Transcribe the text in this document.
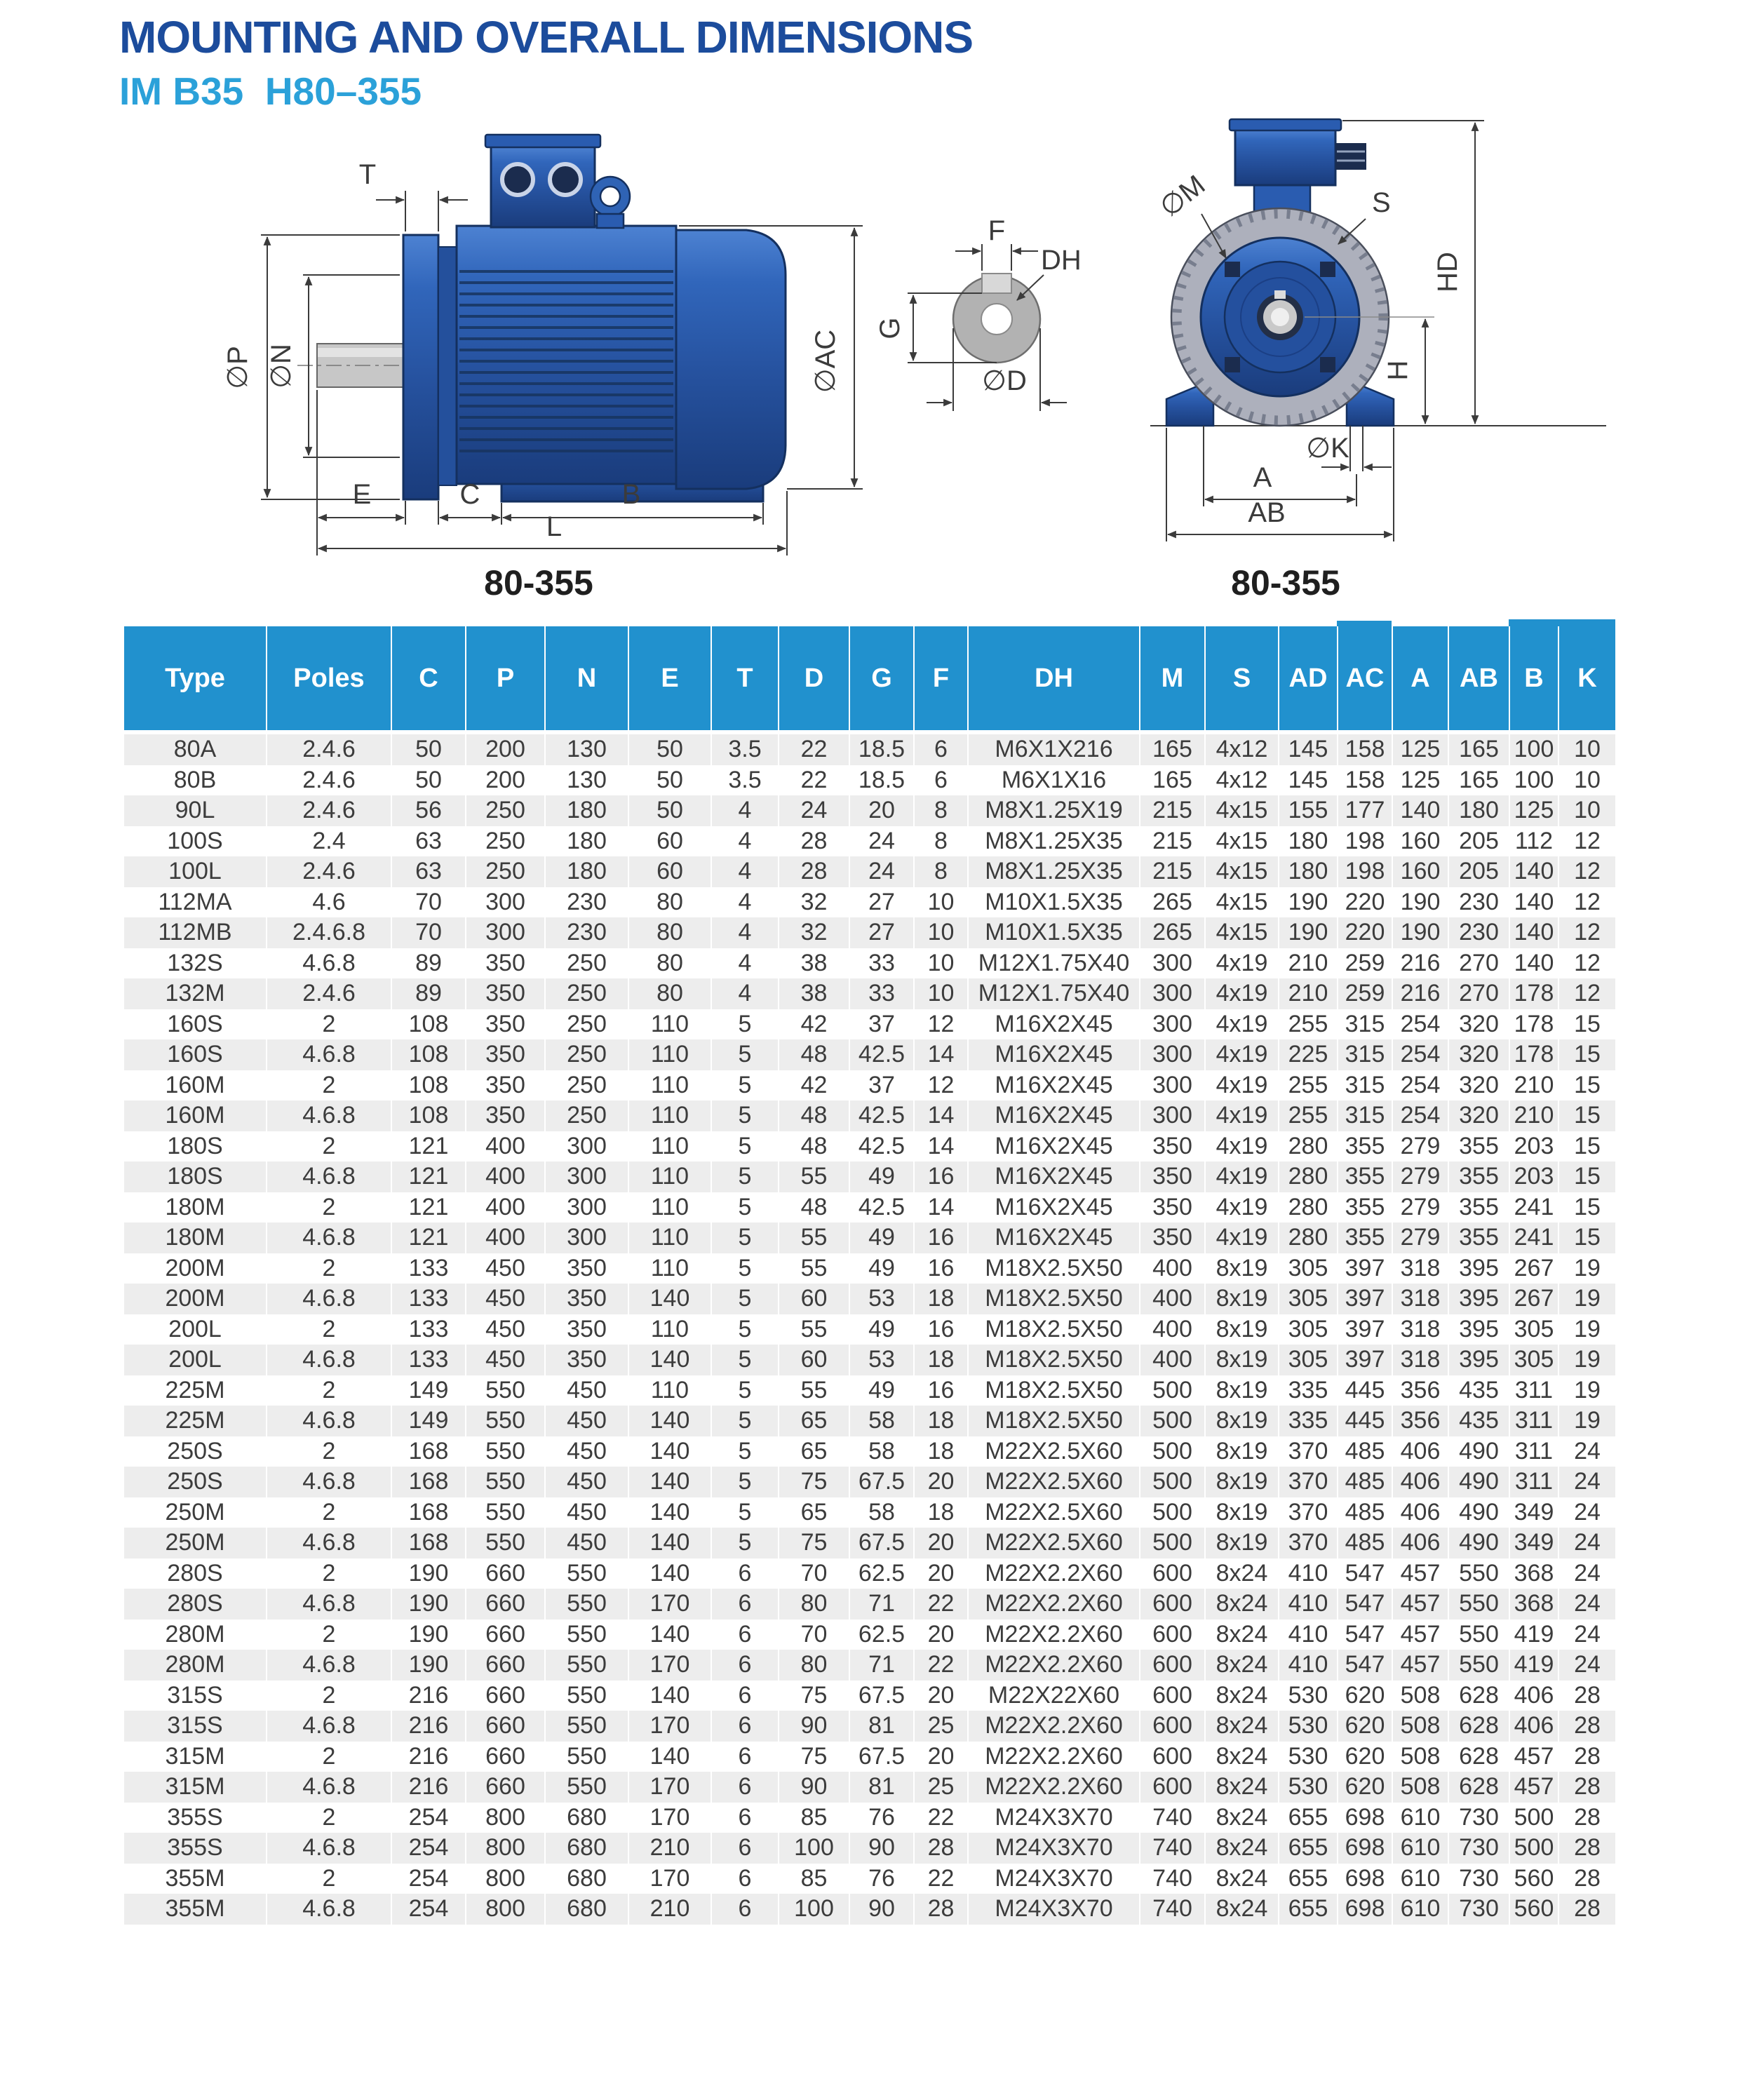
MOUNTING AND OVERALL DIMENSIONS
IM B35  H80–355
T
∅P ∅N	∅AC
E	C	B
L
80-355
F
DH
G
∅D
HD
H
∅K
A
AB
∅M	S
80-355
Type	Poles	C	P	N	E	T	D	G	F	DH	M	S	AD	AC	A	AB	B	K
80A	2.4.6	50	200	130	50	3.5	22	18.5	6	M6X1X216	165	4x12	145	158	125	165	100	10
80B	2.4.6	50	200	130	50	3.5	22	18.5	6	M6X1X16	165	4x12	145	158	125	165	100	10
90L	2.4.6	56	250	180	50	4	24	20	8	M8X1.25X19	215	4x15	155	177	140	180	125	10
100S	2.4	63	250	180	60	4	28	24	8	M8X1.25X35	215	4x15	180	198	160	205	112	12
100L	2.4.6	63	250	180	60	4	28	24	8	M8X1.25X35	215	4x15	180	198	160	205	140	12
112MA	4.6	70	300	230	80	4	32	27	10	M10X1.5X35	265	4x15	190	220	190	230	140	12
112MB	2.4.6.8	70	300	230	80	4	32	27	10	M10X1.5X35	265	4x15	190	220	190	230	140	12
132S	4.6.8	89	350	250	80	4	38	33	10	M12X1.75X40	300	4x19	210	259	216	270	140	12
132M	2.4.6	89	350	250	80	4	38	33	10	M12X1.75X40	300	4x19	210	259	216	270	178	12
160S	2	108	350	250	110	5	42	37	12	M16X2X45	300	4x19	255	315	254	320	178	15
160S	4.6.8	108	350	250	110	5	48	42.5	14	M16X2X45	300	4x19	225	315	254	320	178	15
160M	2	108	350	250	110	5	42	37	12	M16X2X45	300	4x19	255	315	254	320	210	15
160M	4.6.8	108	350	250	110	5	48	42.5	14	M16X2X45	300	4x19	255	315	254	320	210	15
180S	2	121	400	300	110	5	48	42.5	14	M16X2X45	350	4x19	280	355	279	355	203	15
180S	4.6.8	121	400	300	110	5	55	49	16	M16X2X45	350	4x19	280	355	279	355	203	15
180M	2	121	400	300	110	5	48	42.5	14	M16X2X45	350	4x19	280	355	279	355	241	15
180M	4.6.8	121	400	300	110	5	55	49	16	M16X2X45	350	4x19	280	355	279	355	241	15
200M	2	133	450	350	110	5	55	49	16	M18X2.5X50	400	8x19	305	397	318	395	267	19
200M	4.6.8	133	450	350	140	5	60	53	18	M18X2.5X50	400	8x19	305	397	318	395	267	19
200L	2	133	450	350	110	5	55	49	16	M18X2.5X50	400	8x19	305	397	318	395	305	19
200L	4.6.8	133	450	350	140	5	60	53	18	M18X2.5X50	400	8x19	305	397	318	395	305	19
225M	2	149	550	450	110	5	55	49	16	M18X2.5X50	500	8x19	335	445	356	435	311	19
225M	4.6.8	149	550	450	140	5	65	58	18	M18X2.5X50	500	8x19	335	445	356	435	311	19
250S	2	168	550	450	140	5	65	58	18	M22X2.5X60	500	8x19	370	485	406	490	311	24
250S	4.6.8	168	550	450	140	5	75	67.5	20	M22X2.5X60	500	8x19	370	485	406	490	311	24
250M	2	168	550	450	140	5	65	58	18	M22X2.5X60	500	8x19	370	485	406	490	349	24
250M	4.6.8	168	550	450	140	5	75	67.5	20	M22X2.5X60	500	8x19	370	485	406	490	349	24
280S	2	190	660	550	140	6	70	62.5	20	M22X2.2X60	600	8x24	410	547	457	550	368	24
280S	4.6.8	190	660	550	170	6	80	71	22	M22X2.2X60	600	8x24	410	547	457	550	368	24
280M	2	190	660	550	140	6	70	62.5	20	M22X2.2X60	600	8x24	410	547	457	550	419	24
280M	4.6.8	190	660	550	170	6	80	71	22	M22X2.2X60	600	8x24	410	547	457	550	419	24
315S	2	216	660	550	140	6	75	67.5	20	M22X22X60	600	8x24	530	620	508	628	406	28
315S	4.6.8	216	660	550	170	6	90	81	25	M22X2.2X60	600	8x24	530	620	508	628	406	28
315M	2	216	660	550	140	6	75	67.5	20	M22X2.2X60	600	8x24	530	620	508	628	457	28
315M	4.6.8	216	660	550	170	6	90	81	25	M22X2.2X60	600	8x24	530	620	508	628	457	28
355S	2	254	800	680	170	6	85	76	22	M24X3X70	740	8x24	655	698	610	730	500	28
355S	4.6.8	254	800	680	210	6	100	90	28	M24X3X70	740	8x24	655	698	610	730	500	28
355M	2	254	800	680	170	6	85	76	22	M24X3X70	740	8x24	655	698	610	730	560	28
355M	4.6.8	254	800	680	210	6	100	90	28	M24X3X70	740	8x24	655	698	610	730	560	28
